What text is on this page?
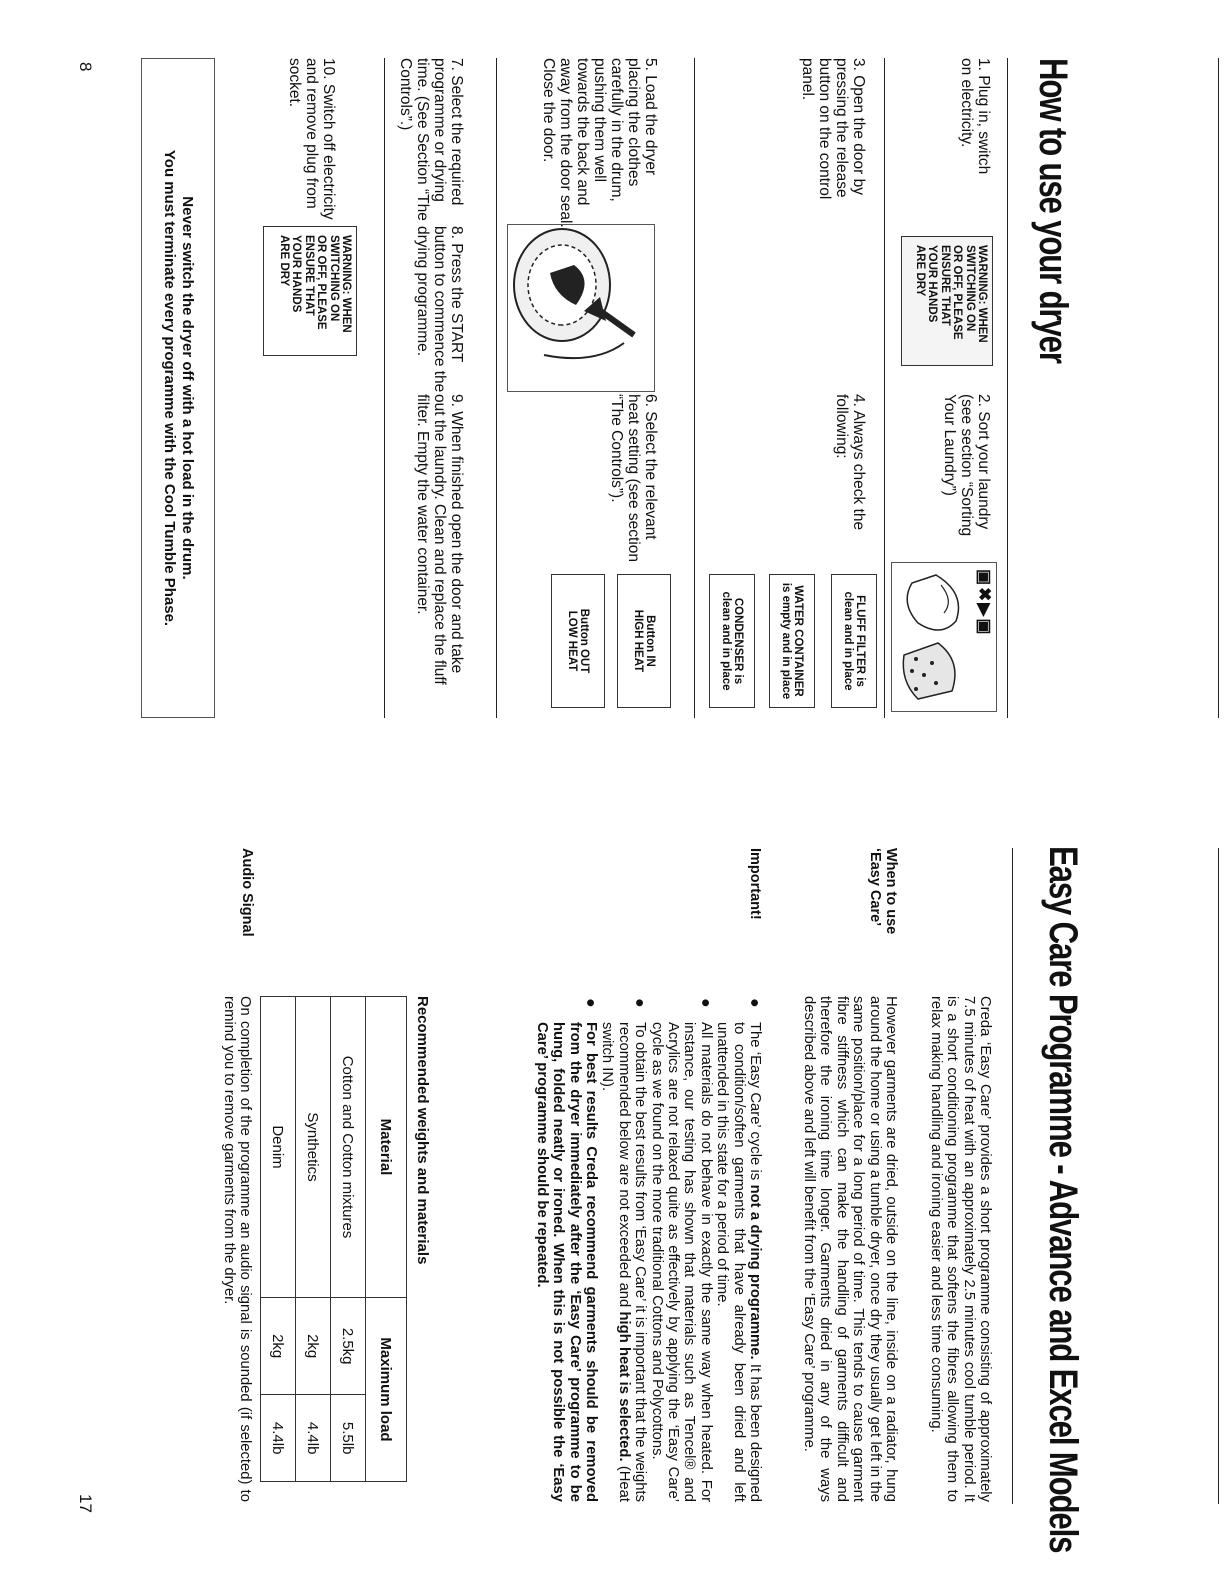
How to use your dryer
1. Plug in, switch on electricity.
WARNING: WHEN
SWITCHING ON
OR OFF, PLEASE
ENSURE THAT
YOUR HANDS
ARE DRY
2. Sort your laundry (see section “Sorting Your Laundry”)
▣✖▶▣
3. Open the door by pressing the release button on the control panel.
4. Always check the following:
FLUFF FILTER is
clean and in place
WATER CONTAINER
is empty and in place
CONDENSER is
clean and in place
5. Load the dryer placing the clothes carefully in the drum, pushing them well towards the back and away from the door seal. Close the door.
6. Select the relevant heat setting (see section “The Controls”).
Button IN
HIGH HEAT
Button OUT
LOW HEAT
7. Select the required programme or drying time. (See Section “The Controls”.)
8. Press the START button to commence the drying programme.
9. When finished open the door and take out the laundry. Clean and replace the fluff filter. Empty the water container.
10. Switch off electricity and remove plug from socket.
WARNING: WHEN
SWITCHING ON
OR OFF, PLEASE
ENSURE THAT
YOUR HANDS
ARE DRY
Never switch the dryer off with a hot load in the drum.
You must terminate every programme with the Cool Tumble Phase.
8
Easy Care Programme - Advance and Excel Models
Creda ‘Easy Care’ provides a short programme consisting of approximately 7.5 minutes of heat with an approximately 2.5 minutes cool tumble period. It is a short conditioning programme that softens the fibres allowing them to relax making handling and ironing easier and less time consuming.
When to use
‘Easy Care’
However garments are dried, outside on the line, inside on a radiator, hung around the home or using a tumble dryer, once dry they usually get left in the same position/place for a long period of time. This tends to cause garment fibre stiffness which can make the handling of garments difficult and therefore the ironing time longer. Garments dried in any of the ways described above and left will benefit from the ‘Easy Care’ programme.
Important!
●
The ‘Easy Care’ cycle is not a drying programme. It has been designed to condition/soften garments that have already been dried and left unattended in this state for a period of time.
●
All materials do not behave in exactly the same way when heated. For instance, our testing has shown that materials such as Tencel® and Acrylics are not relaxed quite as effectively by applying the ‘Easy Care’ cycle as we found on the more traditional Cottons and Polycottons.
●
To obtain the best results from ‘Easy Care’ it is important that the weights recommended below are not exceeded and high heat is selected. (Heat switch IN).
●
For best results Creda recommend garments should be removed from the dryer immediately after the ‘Easy Care’ programme to be hung, folded neatly or ironed. When this is not possible the ‘Easy Care’ programme should be repeated.
Recommended weights and materials
Material	Maximum load	
Cotton and Cotton mixtures	2.5kg	5.5lb
Synthetics	2kg	4.4lb
Denim	2kg	4.4lb
Audio Signal
On completion of the programme an audio signal is sounded (if selected) to remind you to remove garments from the dryer.
17
